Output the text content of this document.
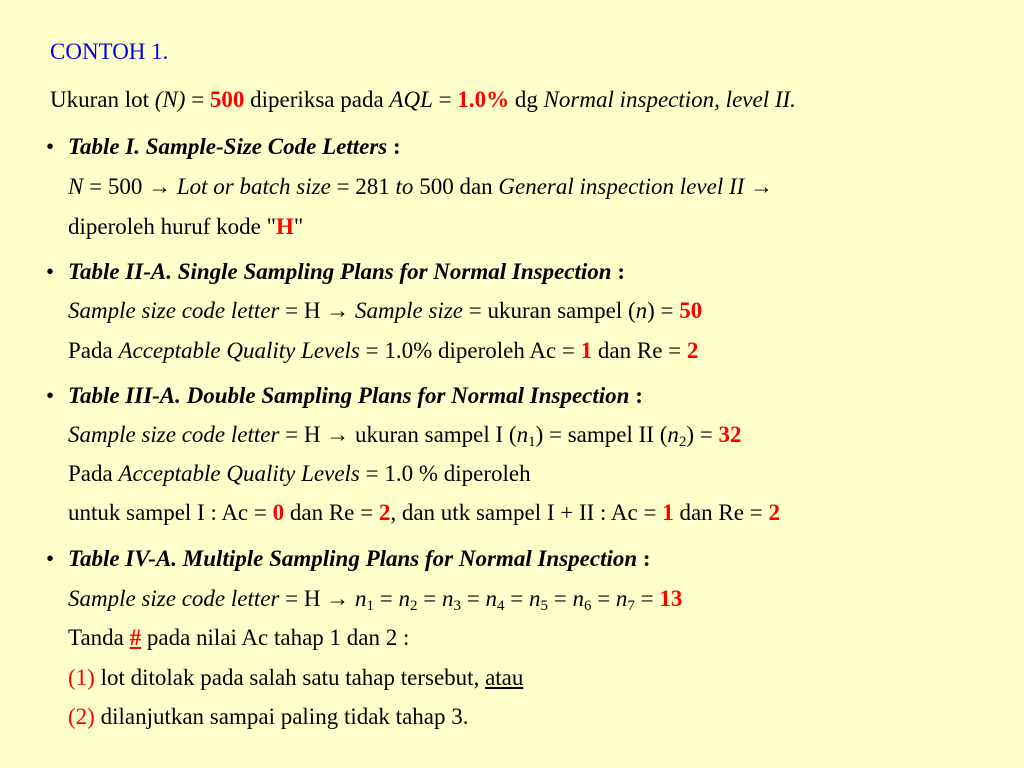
CONTOH 1.

Ukuran lot (N) = 500 diperiksa pada AQL = 1.0% dg Normal inspection, level II.

• Table I. Sample-Size Code Letters :

N = 500 → Lot or batch size = 281 to 500 dan General inspection level II →

diperoleh huruf kode "H"

• Table II-A. Single Sampling Plans for Normal Inspection :

Sample size code letter = H → Sample size = ukuran sampel (n) = 50

Pada Acceptable Quality Levels = 1.0% diperoleh Ac = 1 dan Re = 2

• Table III-A. Double Sampling Plans for Normal Inspection :

Sample size code letter = H → ukuran sampel I $(n_1)$ = sampel II $(n_2) = 32$

Pada Acceptable Quality Levels = 1.0 % diperoleh

untuk sampel I : Ac = 0 dan Re = 2, dan utk sampel I + II : Ac = 1 dan Re = 2

• Table IV-A. Multiple Sampling Plans for Normal Inspection :

Sample size code letter = $H \to n_1 = n_2 = n_3 = n_4 = n_5 = n_6 = n_7 = 13$

Tanda # pada nilai Ac tahap 1 dan 2 :

(1) lot ditolak pada salah satu tahap tersebut, atau

(2) dilanjutkan sampai paling tidak tahap 3.
